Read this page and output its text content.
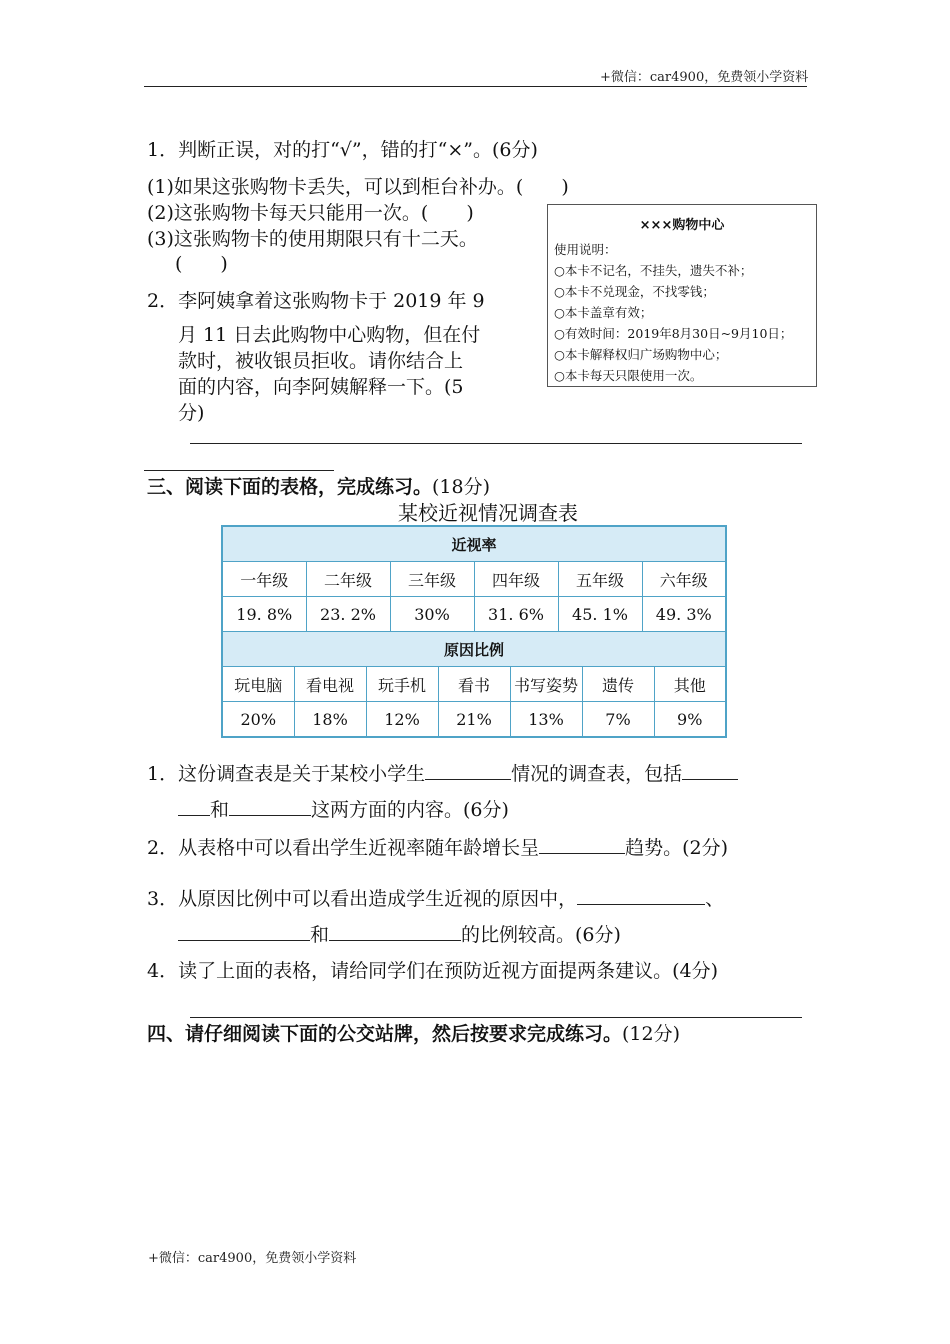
+微信：car4900，免费领小学资料
1．判断正误，对的打“√”，错的打“×”。(6分)
(1)如果这张购物卡丢失，可以到柜台补办。(　　)
(2)这张购物卡每天只能用一次。(　　)
(3)这张购物卡的使用期限只有十二天。
(　　)
2．李阿姨拿着这张购物卡于 2019 年 9
月 11 日去此购物中心购物，但在付
款时，被收银员拒收。请你结合上
面的内容，向李阿姨解释一下。(5
分)
×××购物中心
使用说明：
○本卡不记名，不挂失，遗失不补；
○本卡不兑现金，不找零钱；
○本卡盖章有效；
○有效时间：2019年8月30日~9月10日；
○本卡解释权归广场购物中心；
○本卡每天只限使用一次。
三、阅读下面的表格，完成练习。(18分)
某校近视情况调查表
近视率											
一年级		二年级		三年级		四年级		五年级		六年级	
19. 8%		23. 2%		30%		31. 6%		45. 1%		49. 3%	
原因比例											
玩电脑	看电视		玩手机		看书		书写姿势		遗传		其他
20%	18%		12%		21%		13%		7%		9%
1．这份调查表是关于某校小学生	情况的调查表，包括
和	这两方面的内容。(6分)
2．从表格中可以看出学生近视率随年龄增长呈	趋势。(2分)
3．从原因比例中可以看出造成学生近视的原因中，	、
和	的比例较高。(6分)
4．读了上面的表格，请给同学们在预防近视方面提两条建议。(4分)
四、请仔细阅读下面的公交站牌，然后按要求完成练习。(12分)
+微信：car4900，免费领小学资料
